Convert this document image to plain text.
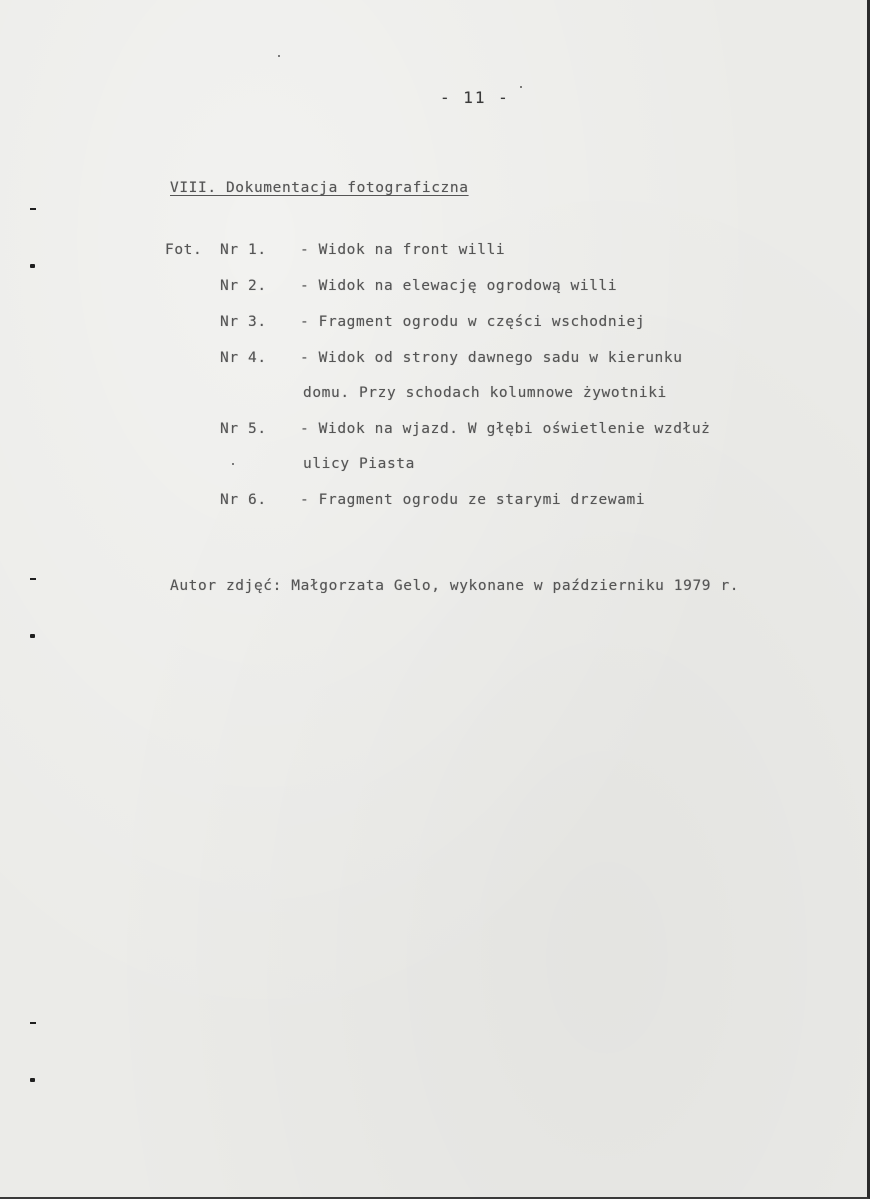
- 11 -
VIII. Dokumentacja fotograficzna
Fot. Nr 1. - Widok na front willi
Nr 2. - Widok na elewację ogrodową willi
Nr 3. - Fragment ogrodu w części wschodniej
Nr 4. - Widok od strony dawnego sadu w kierunku
domu. Przy schodach kolumnowe żywotniki
Nr 5. - Widok na wjazd. W głębi oświetlenie wzdłuż
ulicy Piasta
Nr 6. - Fragment ogrodu ze starymi drzewami
Autor zdjęć: Małgorzata Gelo, wykonane w październiku 1979 r.
